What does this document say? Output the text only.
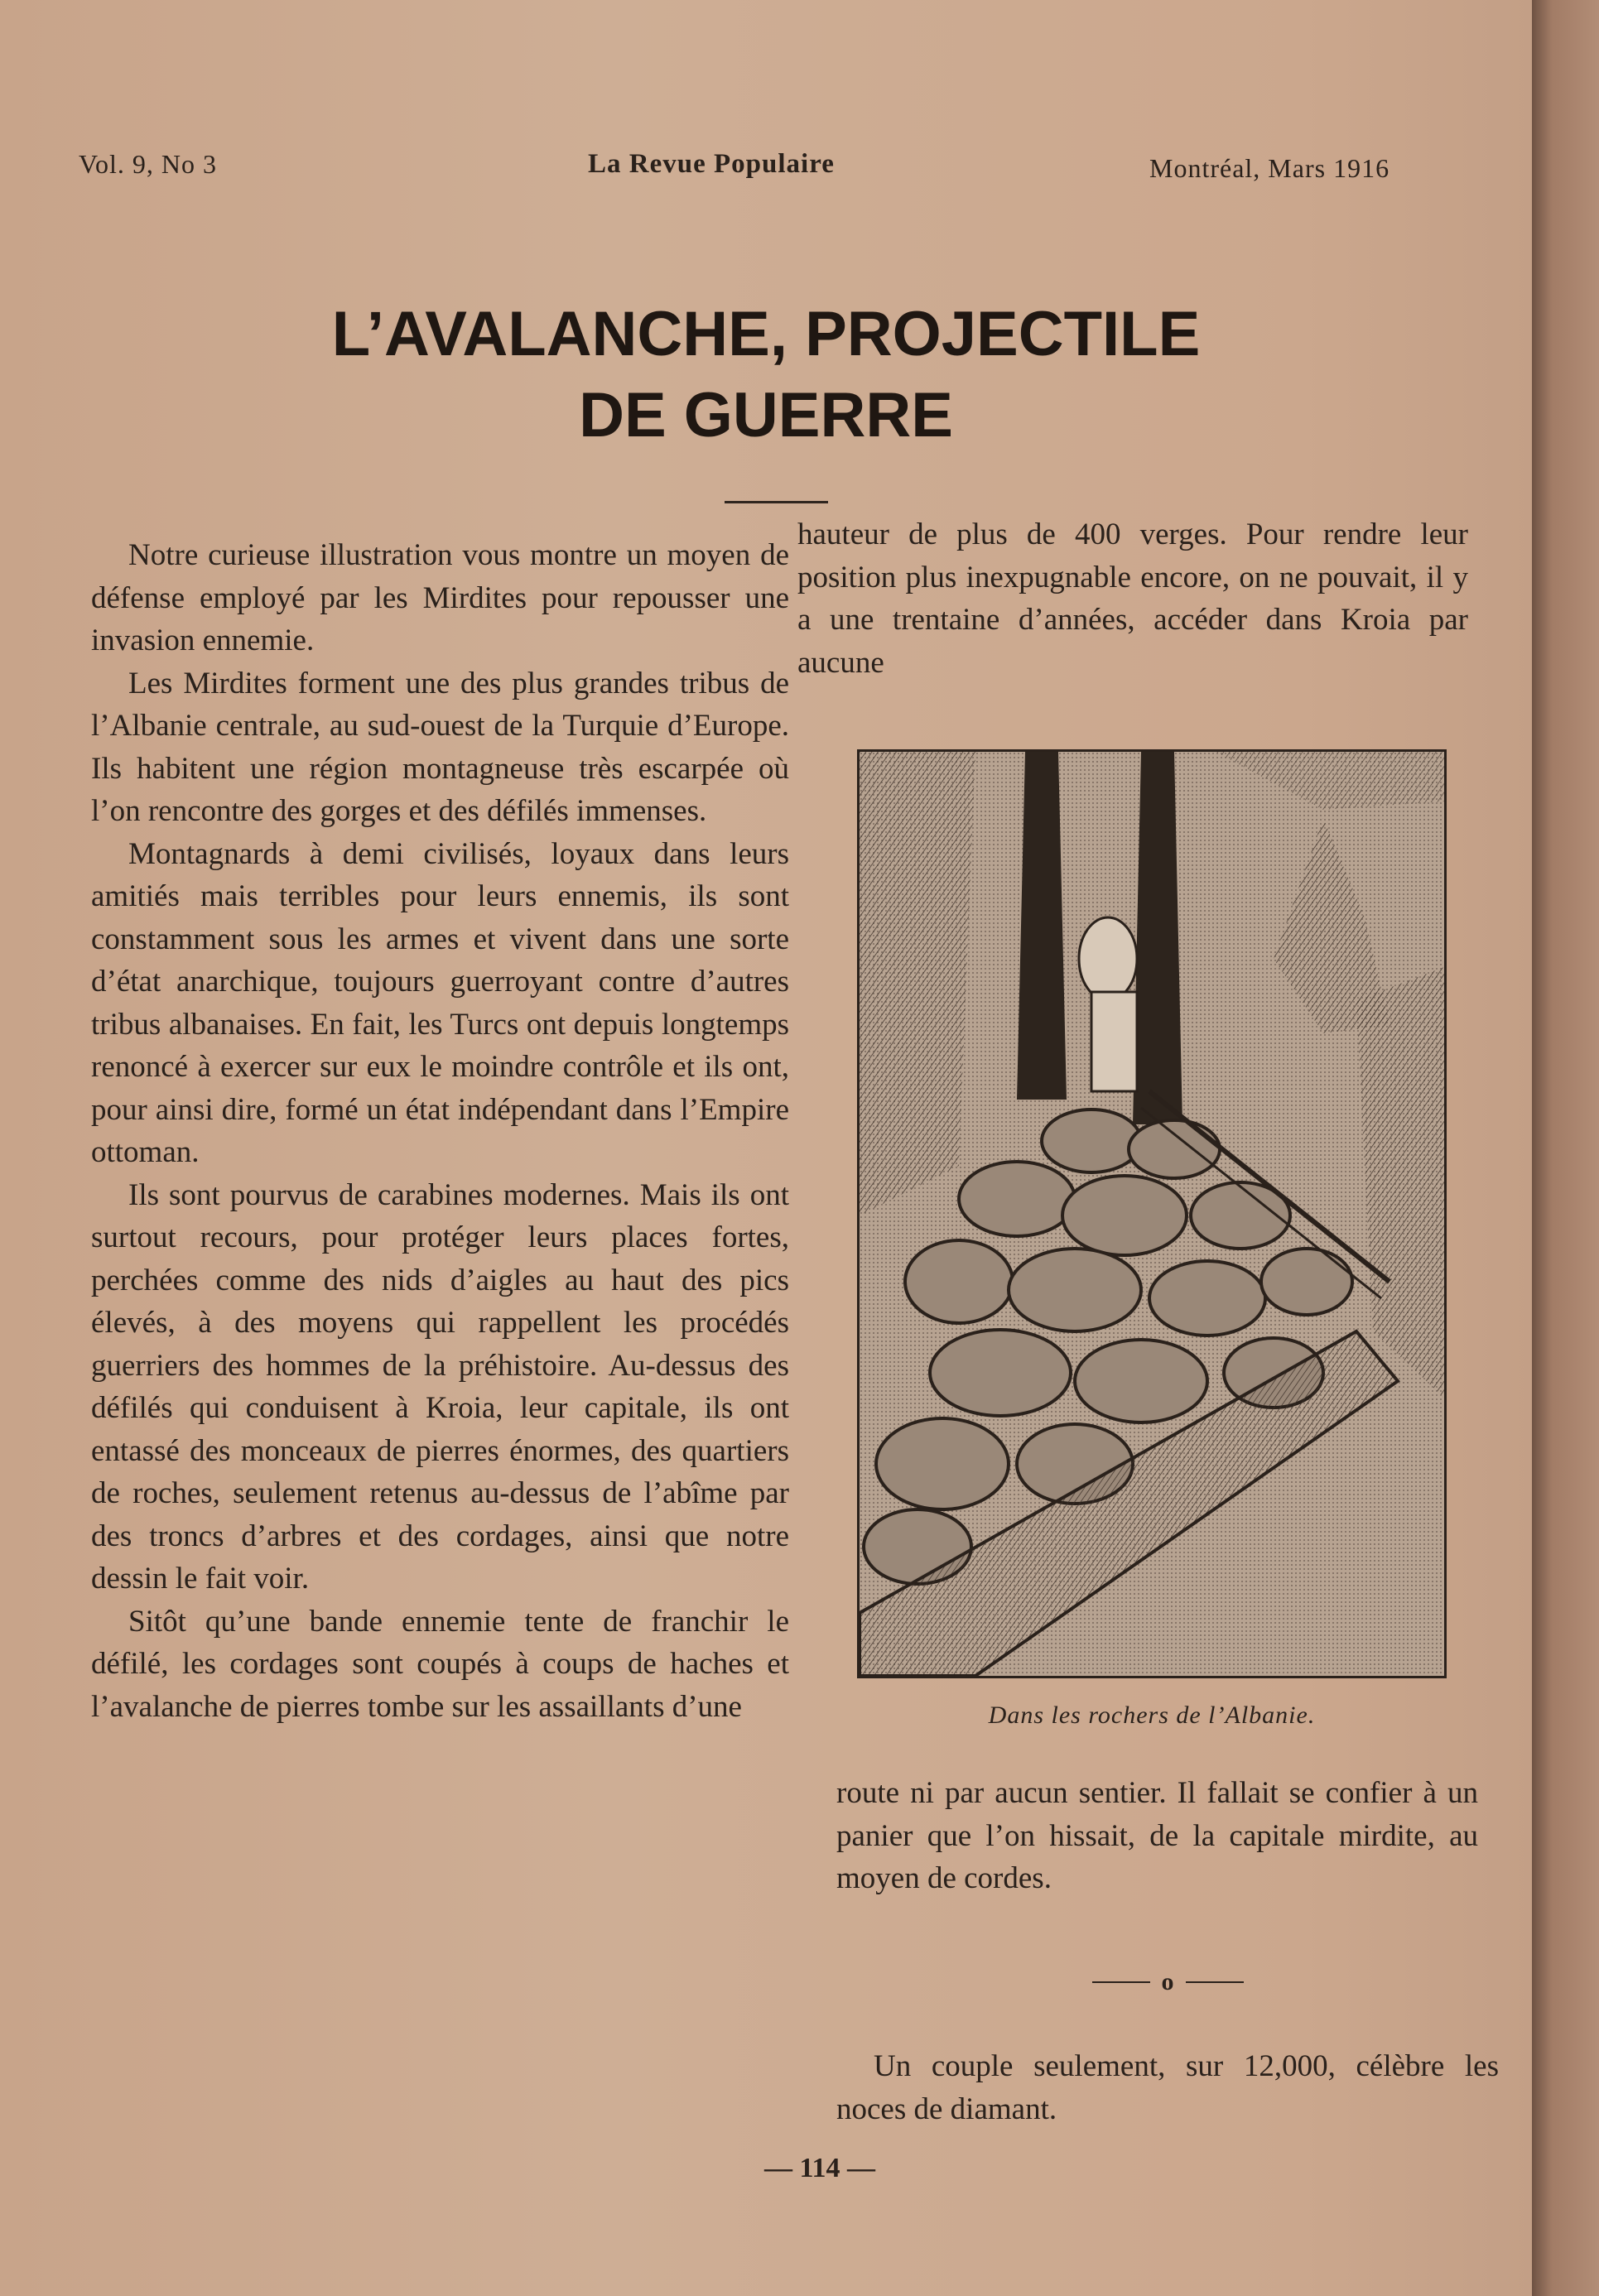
Vol. 9, No 3	La Revue Populaire	Montréal, Mars 1916
L’AVALANCHE, PROJECTILE
DE GUERRE

Notre curieuse illustration vous montre un moyen de défense employé par les Mirdites pour repousser une invasion ennemie.

Les Mirdites forment une des plus grandes tribus de l’Albanie centrale, au sud-ouest de la Turquie d’Europe. Ils habitent une région montagneuse très escarpée où l’on rencontre des gorges et des défilés immenses.

Montagnards à demi civilisés, loyaux dans leurs amitiés mais terribles pour leurs ennemis, ils sont constamment sous les armes et vivent dans une sorte d’état anarchique, toujours guerroyant contre d’autres tribus albanaises. En fait, les Turcs ont depuis longtemps renoncé à exercer sur eux le moindre contrôle et ils ont, pour ainsi dire, formé un état indépendant dans l’Empire ottoman.

Ils sont pourvus de carabines modernes. Mais ils ont surtout recours, pour protéger leurs places fortes, perchées comme des nids d’aigles au haut des pics élevés, à des moyens qui rappellent les procédés guerriers des hommes de la préhistoire. Au-dessus des défilés qui conduisent à Kroia, leur capitale, ils ont entassé des monceaux de pierres énormes, des quartiers de roches, seulement retenus au-dessus de l’abîme par des troncs d’arbres et des cordages, ainsi que notre dessin le fait voir.

Sitôt qu’une bande ennemie tente de franchir le défilé, les cordages sont coupés à coups de haches et l’avalanche de pierres tombe sur les assaillants d’une

hauteur de plus de 400 verges. Pour rendre leur position plus inexpugnable encore, on ne pouvait, il y a une trentaine d’années, accéder dans Kroia par aucune

Dans les rochers de l’Albanie.

route ni par aucun sentier. Il fallait se confier à un panier que l’on hissait, de la capitale mirdite, au moyen de cordes.

o

Un couple seulement, sur 12,000, célèbre les noces de diamant.

— 114 —
